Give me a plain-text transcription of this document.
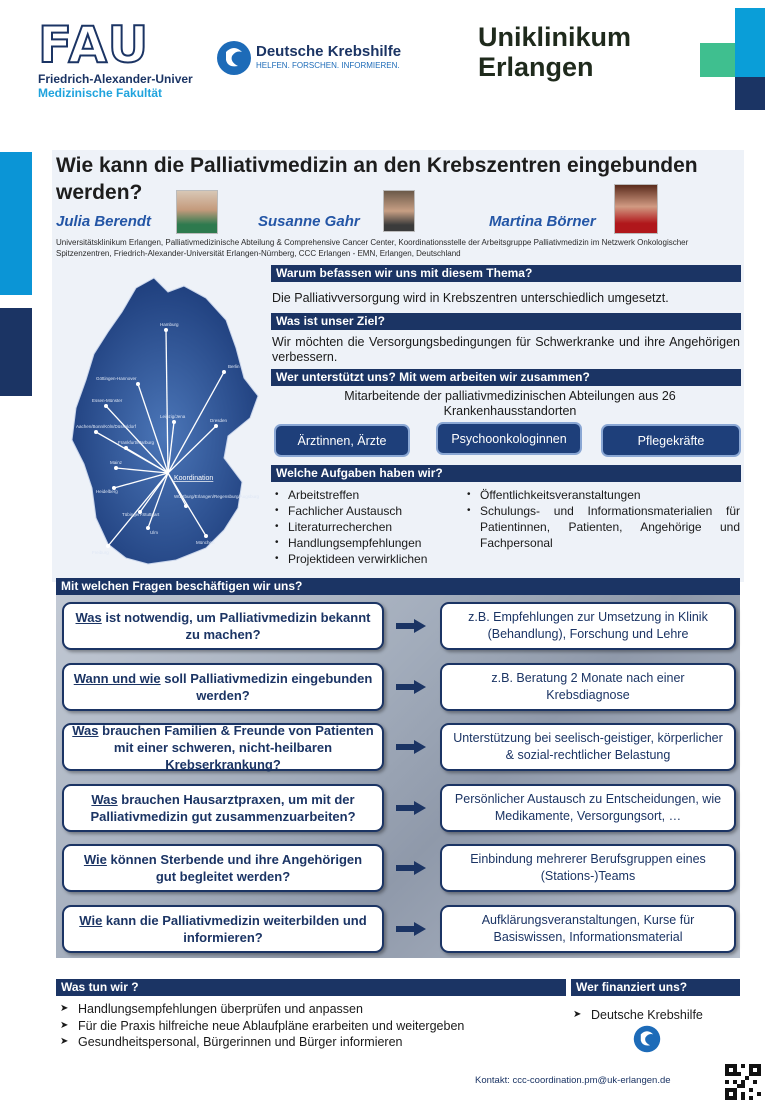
FAU
Friedrich-Alexander-Univer
Medizinische Fakultät
Deutsche Krebshilfe
HELFEN. FORSCHEN. INFORMIEREN.
Uniklinikum
Erlangen
Wie kann die Palliativmedizin an den Krebszentren eingebunden werden?
Julia Berendt	Susanne Gahr	Martina Börner
Universitätsklinikum Erlangen, Palliativmedizinische Abteilung & Comprehensive Cancer Center, Koordinationsstelle der Arbeitsgruppe Palliativmedizin im Netzwerk Onkologischer Spitzenzentren, Friedrich-Alexander-Universität Erlangen-Nürnberg, CCC Erlangen - EMN, Erlangen, Deutschland
Hamburg
Berlin
Göttingen-Hannover
Essen-Münster
Leipzig/Jena
Dresden
Aachen/Bonn/Köln/Düsseldorf
Frankfurt/Marburg
Mainz
Heidelberg
Würzburg/Erlangen/Regensburg/Augsburg
Tübingen-Stuttgart
Ulm
München
Freiburg
Koordination
Warum befassen wir uns mit diesem Thema?
Die Palliativversorgung wird in Krebszentren unterschiedlich umgesetzt.
Was ist unser Ziel?
Wir möchten die Versorgungsbedingungen für Schwerkranke und ihre Angehörigen verbessern.
Wer unterstützt uns? Mit wem arbeiten wir zusammen?
Mitarbeitende der palliativmedizinischen Abteilungen aus 26 Krankenhausstandorten
Ärztinnen, Ärzte	Psychoonkologinnen	Pflegekräfte
Welche Aufgaben haben wir?
• Arbeitstreffen
• Fachlicher Austausch
• Literaturrecherchen
• Handlungsempfehlungen
• Projektideen verwirklichen
• Öffentlichkeitsveranstaltungen
• Schulungs- und Informationsmaterialien für Patientinnen, Patienten, Angehörige und Fachpersonal
Mit welchen Fragen beschäftigen wir uns?
Was ist notwendig, um Palliativmedizin bekannt zu machen?
z.B. Empfehlungen zur Umsetzung in Klinik (Behandlung), Forschung und Lehre
Wann und wie soll Palliativmedizin eingebunden werden?
z.B. Beratung 2 Monate nach einer Krebsdiagnose
Was brauchen Familien & Freunde von Patienten mit einer schweren, nicht-heilbaren Krebserkrankung?
Unterstützung bei seelisch-geistiger, körperlicher & sozial-rechtlicher Belastung
Was brauchen Hausarztpraxen, um mit der Palliativmedizin gut zusammenzuarbeiten?
Persönlicher Austausch zu Entscheidungen, wie Medikamente, Versorgungsort, …
Wie können Sterbende und ihre Angehörigen gut begleitet werden?
Einbindung mehrerer Berufsgruppen eines (Stations-)Teams
Wie kann die Palliativmedizin weiterbilden und informieren?
Aufklärungsveranstaltungen, Kurse für Basiswissen, Informationsmaterial
Was tun wir ?
➤ Handlungsempfehlungen überprüfen und anpassen
➤ Für die Praxis hilfreiche neue Ablaufpläne erarbeiten und weitergeben
➤ Gesundheitspersonal, Bürgerinnen und Bürger informieren
Wer finanziert uns?
➤ Deutsche Krebshilfe
Kontakt: ccc-coordination.pm@uk-erlangen.de
